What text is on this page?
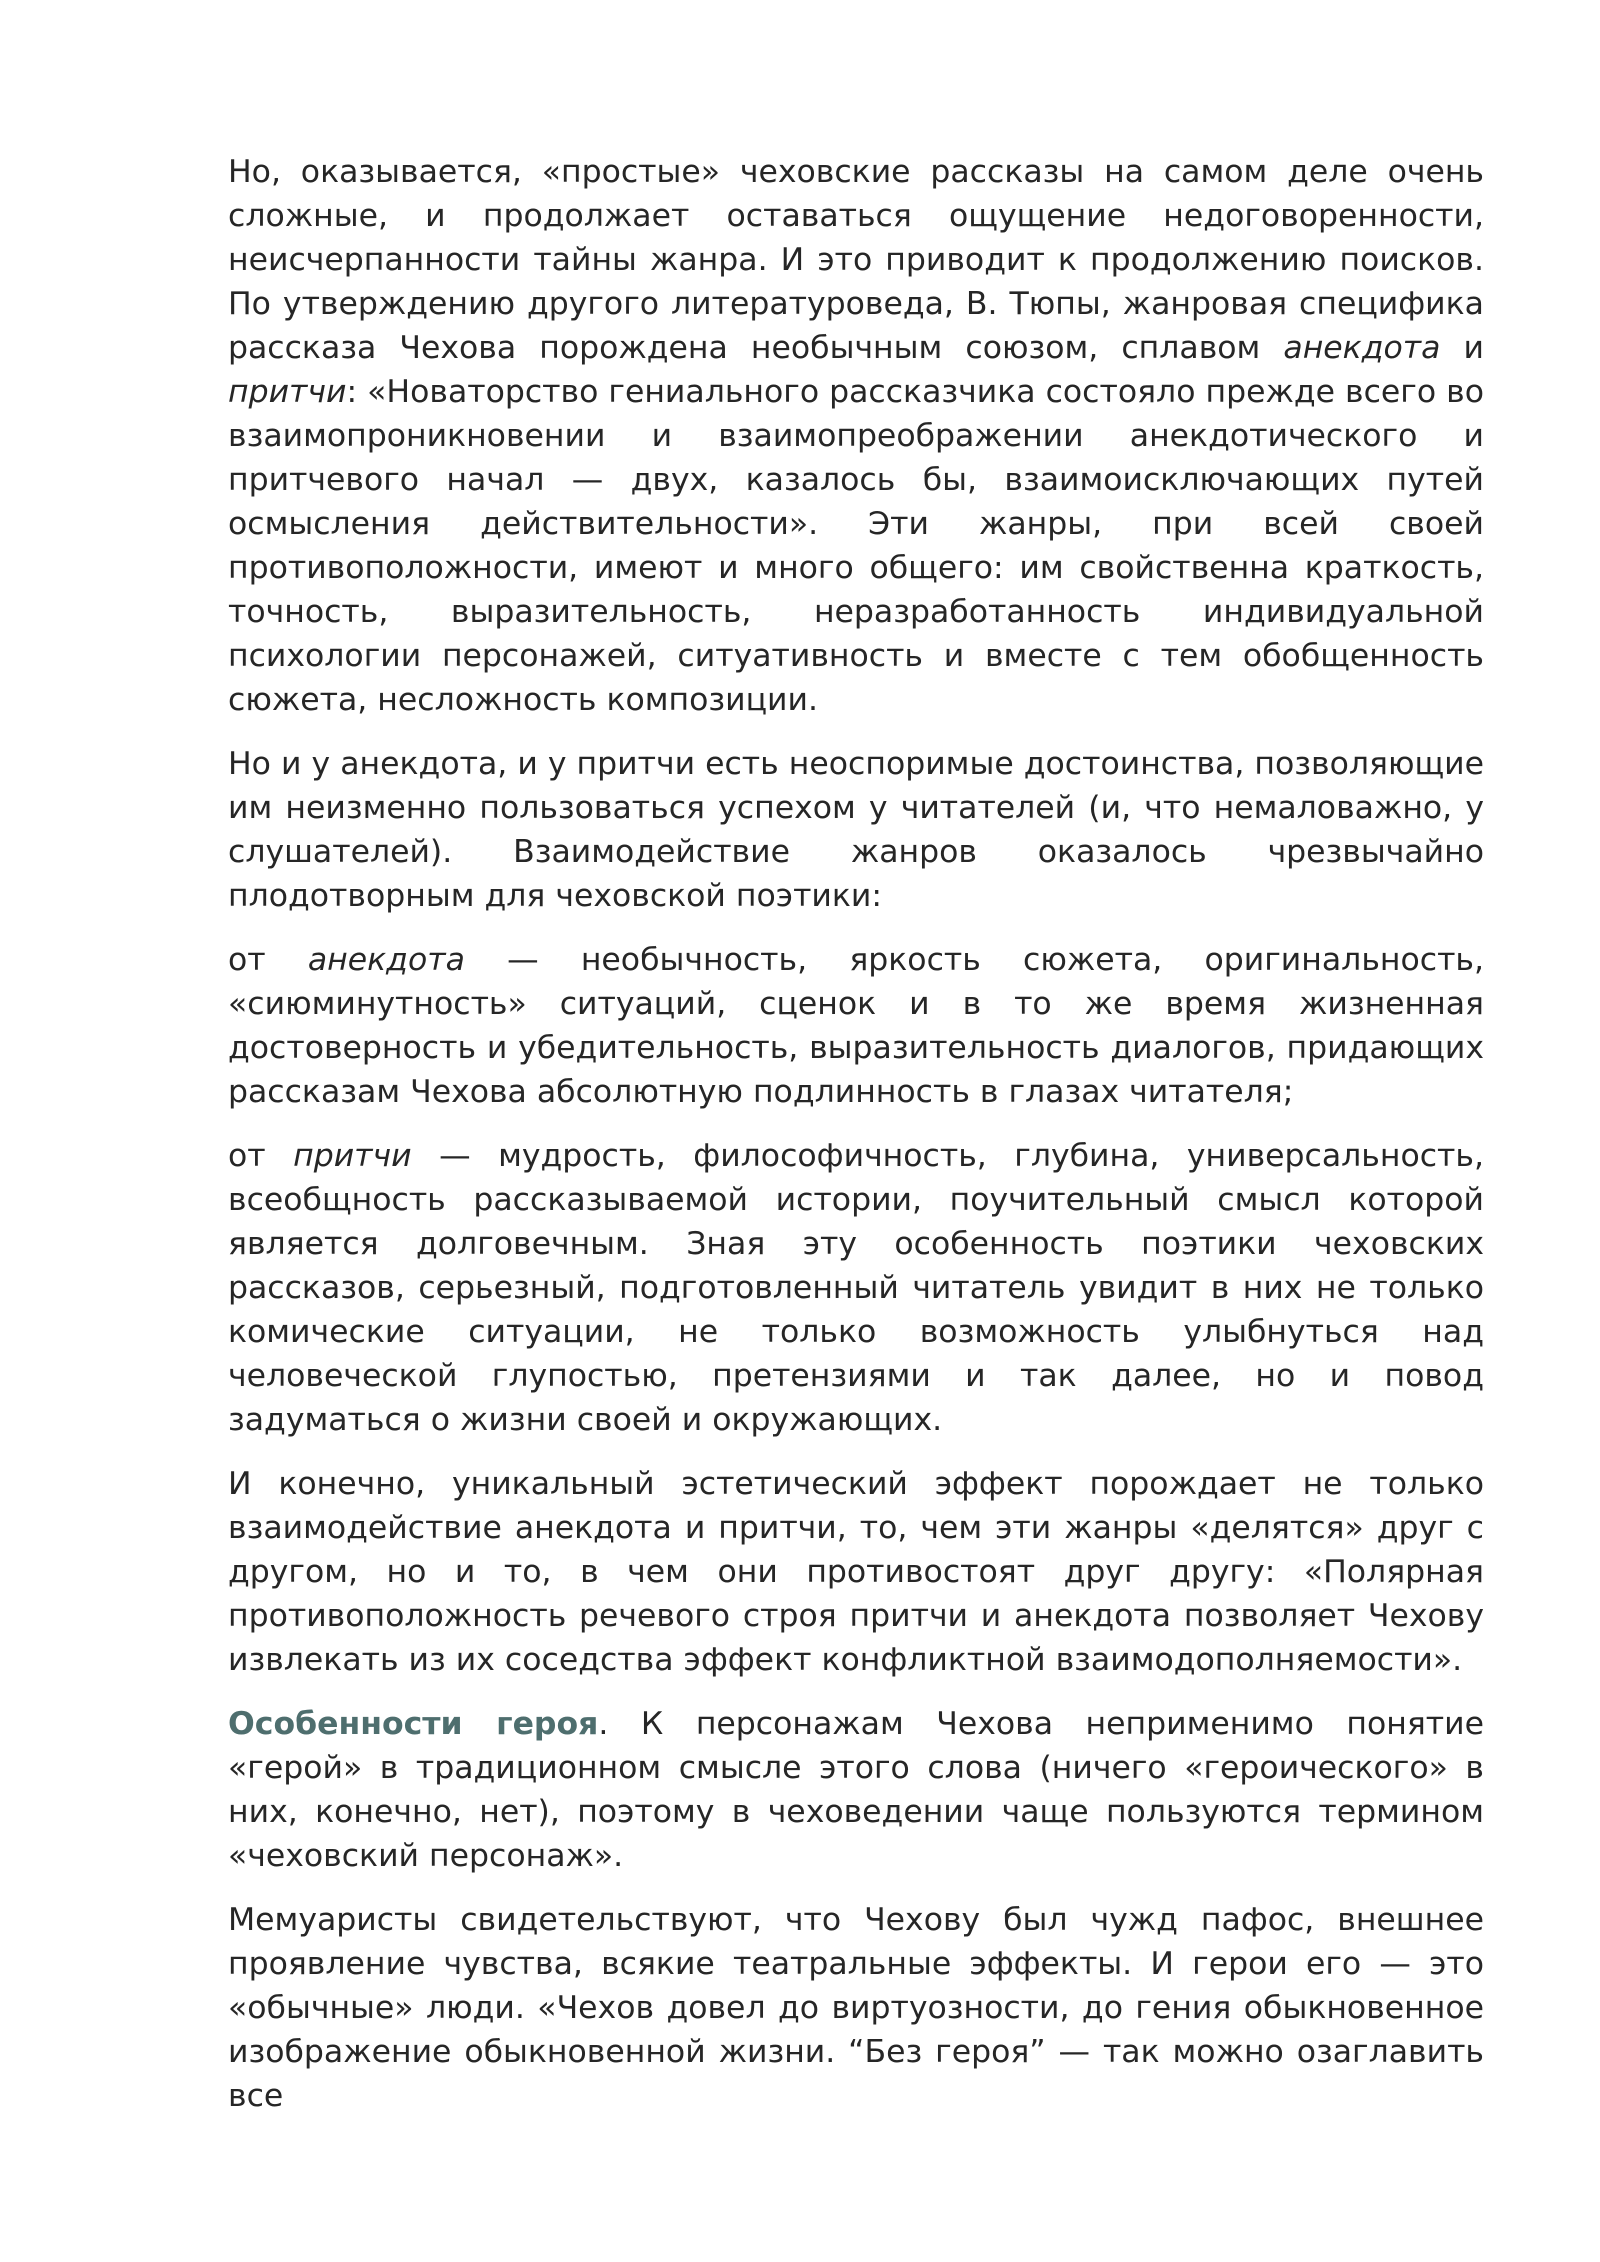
Но, оказывается, «простые» чеховские рассказы на самом деле очень сложные, и продолжает оставаться ощущение недоговоренности, неисчерпанности тайны жанра. И это приводит к продолжению поисков. По утверждению другого литературоведа, В. Тюпы, жанровая специфика рассказа Чехова порождена необычным союзом, сплавом анекдота и притчи: «Новаторство гениального рассказчика состояло прежде всего во взаимопроникновении и взаимопреображении анекдотического и притчевого начал — двух, казалось бы, взаимоисключающих путей осмысления действительности». Эти жанры, при всей своей противоположности, имеют и много общего: им свойственна краткость, точность, выразительность, неразработанность индивидуальной психологии персонажей, ситуативность и вместе с тем обобщенность сюжета, несложность композиции.

Но и у анекдота, и у притчи есть неоспоримые достоинства, позволяющие им неизменно пользоваться успехом у читателей (и, что немаловажно, у слушателей). Взаимодействие жанров оказалось чрезвычайно плодотворным для чеховской поэтики:

от анекдота — необычность, яркость сюжета, оригинальность, «сиюминутность» ситуаций, сценок и в то же время жизненная достоверность и убедительность, выразительность диалогов, придающих рассказам Чехова абсолютную подлинность в глазах читателя;

от притчи — мудрость, философичность, глубина, универсальность, всеобщность рассказываемой истории, поучительный смысл которой является долговечным. Зная эту особенность поэтики чеховских рассказов, серьезный, подготовленный читатель увидит в них не только комические ситуации, не только возможность улыбнуться над человеческой глупостью, претензиями и так далее, но и повод задуматься о жизни своей и окружающих.

И конечно, уникальный эстетический эффект порождает не только взаимодействие анекдота и притчи, то, чем эти жанры «делятся» друг с другом, но и то, в чем они противостоят друг другу: «Полярная противоположность речевого строя притчи и анекдота позволяет Чехову извлекать из их соседства эффект конфликтной взаимодополняемости».

Особенности героя. К персонажам Чехова неприменимо понятие «герой» в традиционном смысле этого слова (ничего «героического» в них, конечно, нет), поэтому в чеховедении чаще пользуются термином «чеховский персонаж».

Мемуаристы свидетельствуют, что Чехову был чужд пафос, внешнее проявление чувства, всякие театральные эффекты. И герои его — это «обычные» люди. «Чехов довел до виртуозности, до гения обыкновенное изображение обыкновенной жизни. “Без героя” — так можно озаглавить все
